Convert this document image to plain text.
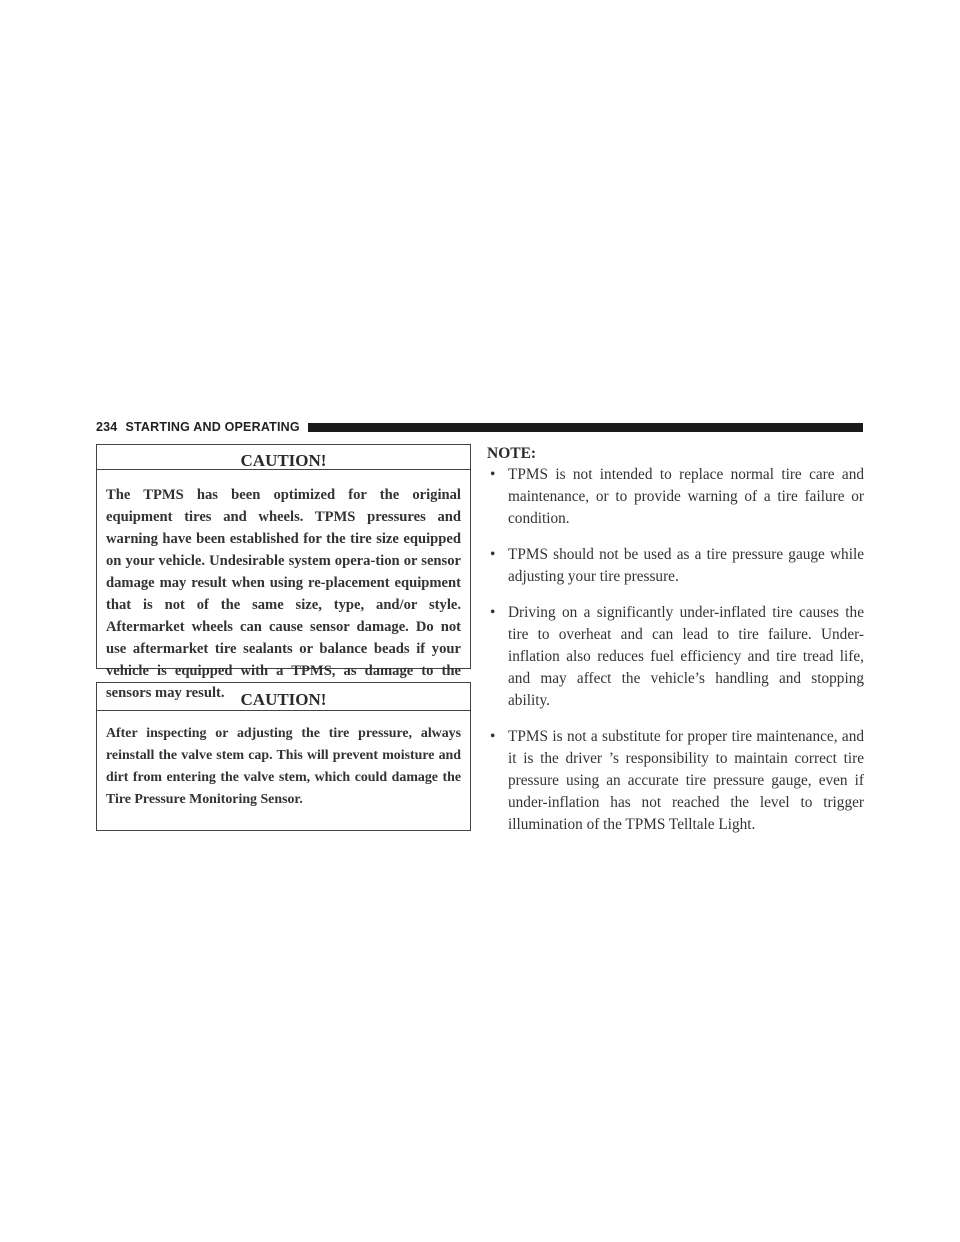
234 STARTING AND OPERATING
CAUTION!
The TPMS has been optimized for the original equipment tires and wheels. TPMS pressures and warning have been established for the tire size equipped on your vehicle. Undesirable system opera-tion or sensor damage may result when using re-placement equipment that is not of the same size, type, and/or style. Aftermarket wheels can cause sensor damage. Do not use aftermarket tire sealants or balance beads if your vehicle is equipped with a TPMS, as damage to the sensors may result. CAUTION!
After inspecting or adjusting the tire pressure, always reinstall the valve stem cap. This will prevent moisture and dirt from entering the valve stem, which could damage the Tire Pressure Monitoring Sensor.
NOTE:
• TPMS is not intended to replace normal tire care and maintenance, or to provide warning of a tire failure or condition.
• TPMS should not be used as a tire pressure gauge while adjusting your tire pressure.
• Driving on a significantly under-inflated tire causes the tire to overheat and can lead to tire failure. Under-inflation also reduces fuel efficiency and tire tread life, and may affect the vehicle’s handling and stopping ability.
• TPMS is not a substitute for proper tire maintenance, and it is the driver ’s responsibility to maintain correct tire pressure using an accurate tire pressure gauge, even if under-inflation has not reached the level to trigger illumination of the TPMS Telltale Light.
